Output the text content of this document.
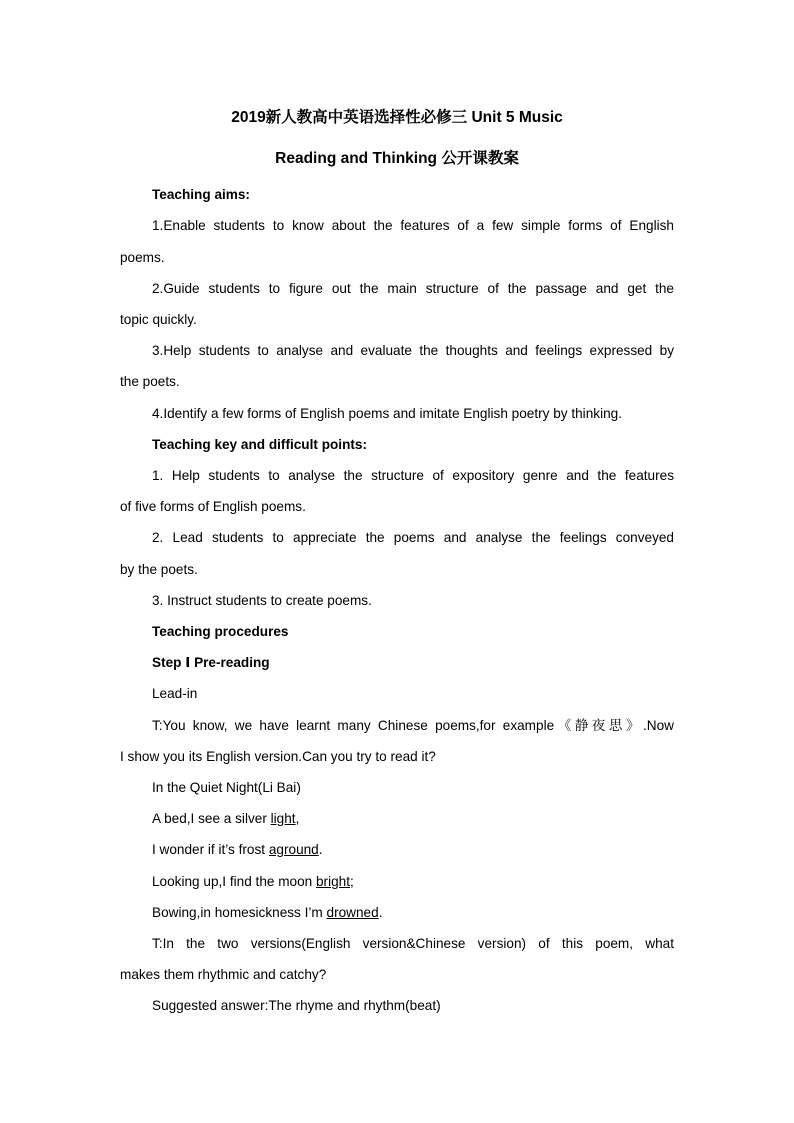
2019新人教高中英语选择性必修三 Unit 5 Music
Reading and Thinking 公开课教案
Teaching aims:
1.Enable students to know about the features of a few simple forms of English
poems.
2.Guide students to figure out the main structure of the passage and get the
topic quickly.
3.Help students to analyse and evaluate the thoughts and feelings expressed by
the poets.
4.Identify a few forms of English poems and imitate English poetry by thinking.
Teaching key and difficult points:
1. Help students to analyse the structure of expository genre and the features
of five forms of English poems.
2. Lead students to appreciate the poems and analyse the feelings conveyed
by the poets.
3. Instruct students to create poems.
Teaching procedures
Step Ⅰ Pre-reading
Lead-in
T:You know, we have learnt many Chinese poems,for example《静夜思》.Now
I show you its English version.Can you try to read it?
In the Quiet Night(Li Bai)
A bed,I see a silver light,
I wonder if it’s frost aground.
Looking up,I find the moon bright;
Bowing,in homesickness I’m drowned.
T:In the two versions(English version&Chinese version) of this poem, what
makes them rhythmic and catchy?
Suggested answer:The rhyme and rhythm(beat)
